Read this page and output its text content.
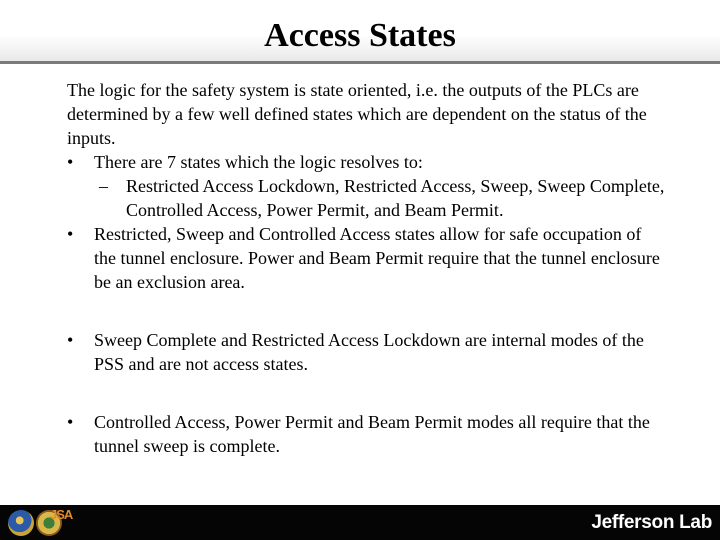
Access States

The logic for the safety system is state oriented, i.e. the outputs of the PLCs are determined by a few well defined states which are dependent on the status of the inputs.

• There are 7 states which the logic resolves to:

– Restricted Access Lockdown, Restricted Access, Sweep, Sweep Complete, Controlled Access, Power Permit, and Beam Permit.

• Restricted, Sweep and Controlled Access states allow for safe occupation of the tunnel enclosure. Power and Beam Permit require that the tunnel enclosure be an exclusion area.

• Sweep Complete and Restricted Access Lockdown are internal modes of the PSS and are not access states.

• Controlled Access, Power Permit and Beam Permit modes all require that the tunnel sweep is complete.

JSA	Jefferson Lab
